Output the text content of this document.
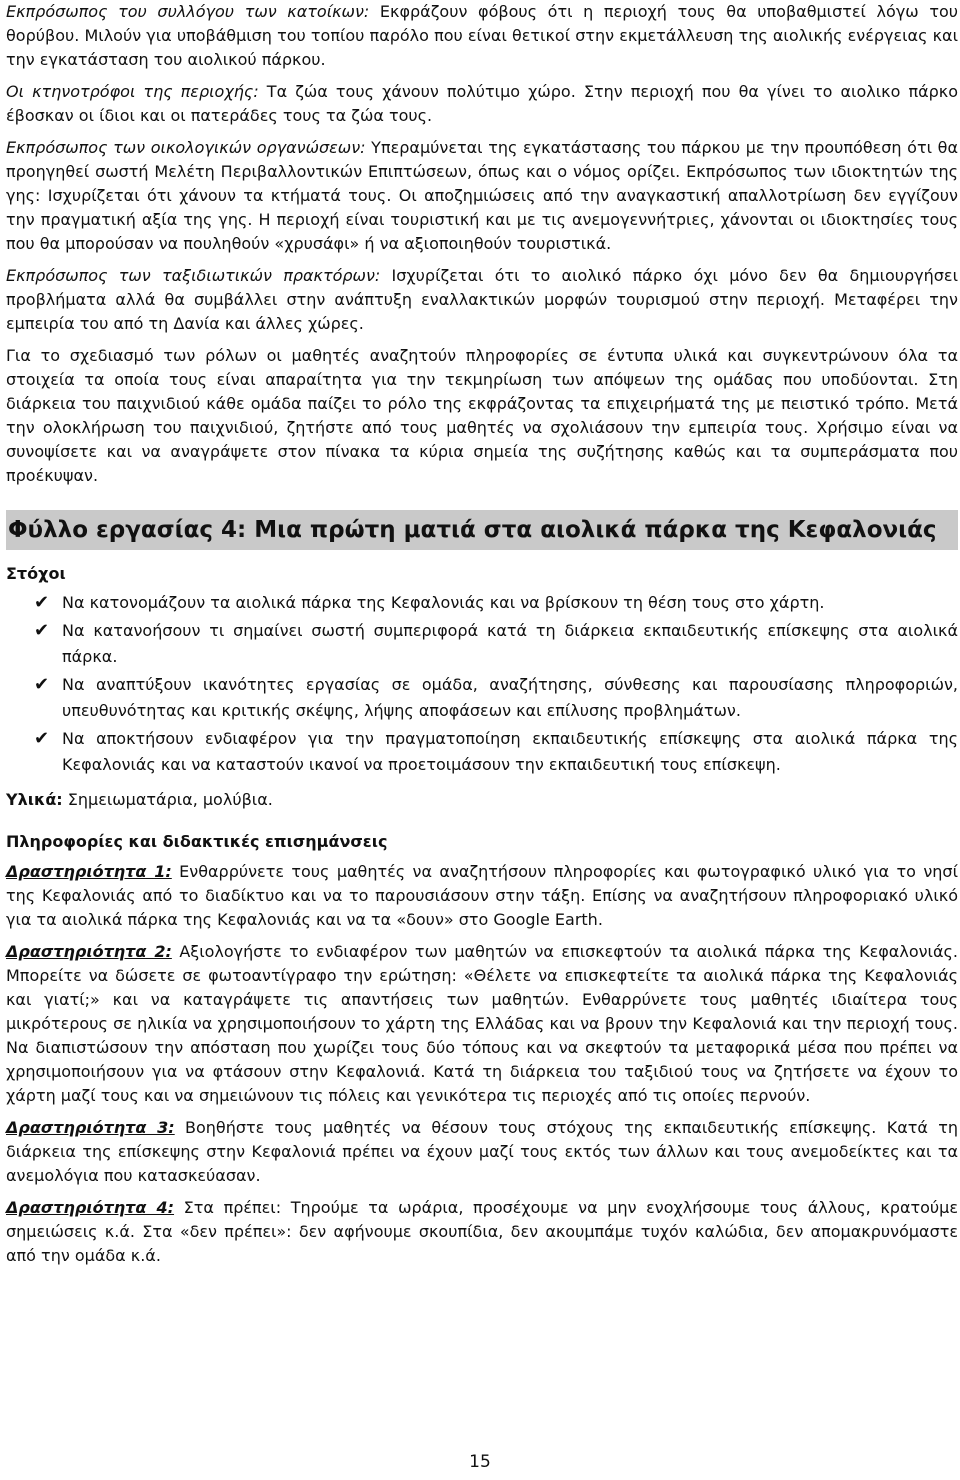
Εκπρόσωπος του συλλόγου των κατοίκων: Εκφράζουν φόβους ότι η περιοχή τους θα υποβαθμιστεί λόγω του θορύβου. Μιλούν για υποβάθμιση του τοπίου παρόλο που είναι θετικοί στην εκμετάλλευση της αιολικής ενέργειας και την εγκατάσταση του αιολικού πάρκου.

Οι κτηνοτρόφοι της περιοχής: Τα ζώα τους χάνουν πολύτιμο χώρο. Στην περιοχή που θα γίνει το αιολικο πάρκο έβοσκαν οι ίδιοι και οι πατεράδες τους τα ζώα τους.

Εκπρόσωπος των οικολογικών οργανώσεων: Υπεραμύνεται της εγκατάστασης του πάρκου με την προυπόθεση ότι θα προηγηθεί σωστή Μελέτη Περιβαλλοντικών Επιπτώσεων, όπως και ο νόμος ορίζει. Εκπρόσωπος των ιδιοκτητών της γης: Ισχυρίζεται ότι χάνουν τα κτήματά τους. Οι αποζημιώσεις από την αναγκαστική απαλλοτρίωση δεν εγγίζουν την πραγματική αξία της γης. Η περιοχή είναι τουριστική και με τις ανεμογεννήτριες, χάνονται οι ιδιοκτησίες τους που θα μπορούσαν να πουληθούν «χρυσάφι» ή να αξιοποιηθούν τουριστικά.

Εκπρόσωπος των ταξιδιωτικών πρακτόρων: Ισχυρίζεται ότι το αιολικό πάρκο όχι μόνο δεν θα δημιουργήσει προβλήματα αλλά θα συμβάλλει στην ανάπτυξη εναλλακτικών μορφών τουρισμού στην περιοχή. Μεταφέρει την εμπειρία του από τη Δανία και άλλες χώρες.

Για το σχεδιασμό των ρόλων οι μαθητές αναζητούν πληροφορίες σε έντυπα υλικά και συγκεντρώνουν όλα τα στοιχεία τα οποία τους είναι απαραίτητα για την τεκμηρίωση των απόψεων της ομάδας που υποδύονται. Στη διάρκεια του παιχνιδιού κάθε ομάδα παίζει το ρόλο της εκφράζοντας τα επιχειρήματά της με πειστικό τρόπο. Μετά την ολοκλήρωση του παιχνιδιού, ζητήστε από τους μαθητές να σχολιάσουν την εμπειρία τους. Χρήσιμο είναι να συνοψίσετε και να αναγράψετε στον πίνακα τα κύρια σημεία της συζήτησης καθώς και τα συμπεράσματα που προέκυψαν.

Φύλλο εργασίας 4: Μια πρώτη ματιά στα αιολικά πάρκα της Κεφαλονιάς
Στόχοι
✔ Να κατονομάζουν τα αιολικά πάρκα της Κεφαλονιάς και να βρίσκουν τη θέση τους στο χάρτη.
✔ Να κατανοήσουν τι σημαίνει σωστή συμπεριφορά κατά τη διάρκεια εκπαιδευτικής επίσκεψης στα αιολικά πάρκα.
✔ Να αναπτύξουν ικανότητες εργασίας σε ομάδα, αναζήτησης, σύνθεσης και παρουσίασης πληροφοριών, υπευθυνότητας και κριτικής σκέψης, λήψης αποφάσεων και επίλυσης προβλημάτων.
✔ Να αποκτήσουν ενδιαφέρον για την πραγματοποίηση εκπαιδευτικής επίσκεψης στα αιολικά πάρκα της Κεφαλονιάς και να καταστούν ικανοί να προετοιμάσουν την εκπαιδευτική τους επίσκεψη.

Υλικά: Σημειωματάρια, μολύβια.

Πληροφορίες και διδακτικές επισημάνσεις

Δραστηριότητα 1: Ενθαρρύνετε τους μαθητές να αναζητήσουν πληροφορίες και φωτογραφικό υλικό για το νησί της Κεφαλονιάς από το διαδίκτυο και να το παρουσιάσουν στην τάξη. Επίσης να αναζητήσουν πληροφοριακό υλικό για τα αιολικά πάρκα της Κεφαλονιάς και να τα «δουν» στο Google Earth.

Δραστηριότητα 2: Αξιολογήστε το ενδιαφέρον των μαθητών να επισκεφτούν τα αιολικά πάρκα της Κεφαλονιάς. Μπορείτε να δώσετε σε φωτοαντίγραφο την ερώτηση: «Θέλετε να επισκεφτείτε τα αιολικά πάρκα της Κεφαλονιάς και γιατί;» και να καταγράψετε τις απαντήσεις των μαθητών. Ενθαρρύνετε τους μαθητές ιδιαίτερα τους μικρότερους σε ηλικία να χρησιμοποιήσουν το χάρτη της Ελλάδας και να βρουν την Κεφαλονιά και την περιοχή τους. Να διαπιστώσουν την απόσταση που χωρίζει τους δύο τόπους και να σκεφτούν τα μεταφορικά μέσα που πρέπει να χρησιμοποιήσουν για να φτάσουν στην Κεφαλονιά. Κατά τη διάρκεια του ταξιδιού τους να ζητήσετε να έχουν το χάρτη μαζί τους και να σημειώνουν τις πόλεις και γενικότερα τις περιοχές από τις οποίες περνούν.

Δραστηριότητα 3: Βοηθήστε τους μαθητές να θέσουν τους στόχους της εκπαιδευτικής επίσκεψης. Κατά τη διάρκεια της επίσκεψης στην Κεφαλονιά πρέπει να έχουν μαζί τους εκτός των άλλων και τους ανεμοδείκτες και τα ανεμολόγια που κατασκεύασαν.

Δραστηριότητα 4: Στα πρέπει: Τηρούμε τα ωράρια, προσέχουμε να μην ενοχλήσουμε τους άλλους, κρατούμε σημειώσεις κ.ά. Στα «δεν πρέπει»: δεν αφήνουμε σκουπίδια, δεν ακουμπάμε τυχόν καλώδια, δεν απομακρυνόμαστε από την ομάδα κ.ά.

15
